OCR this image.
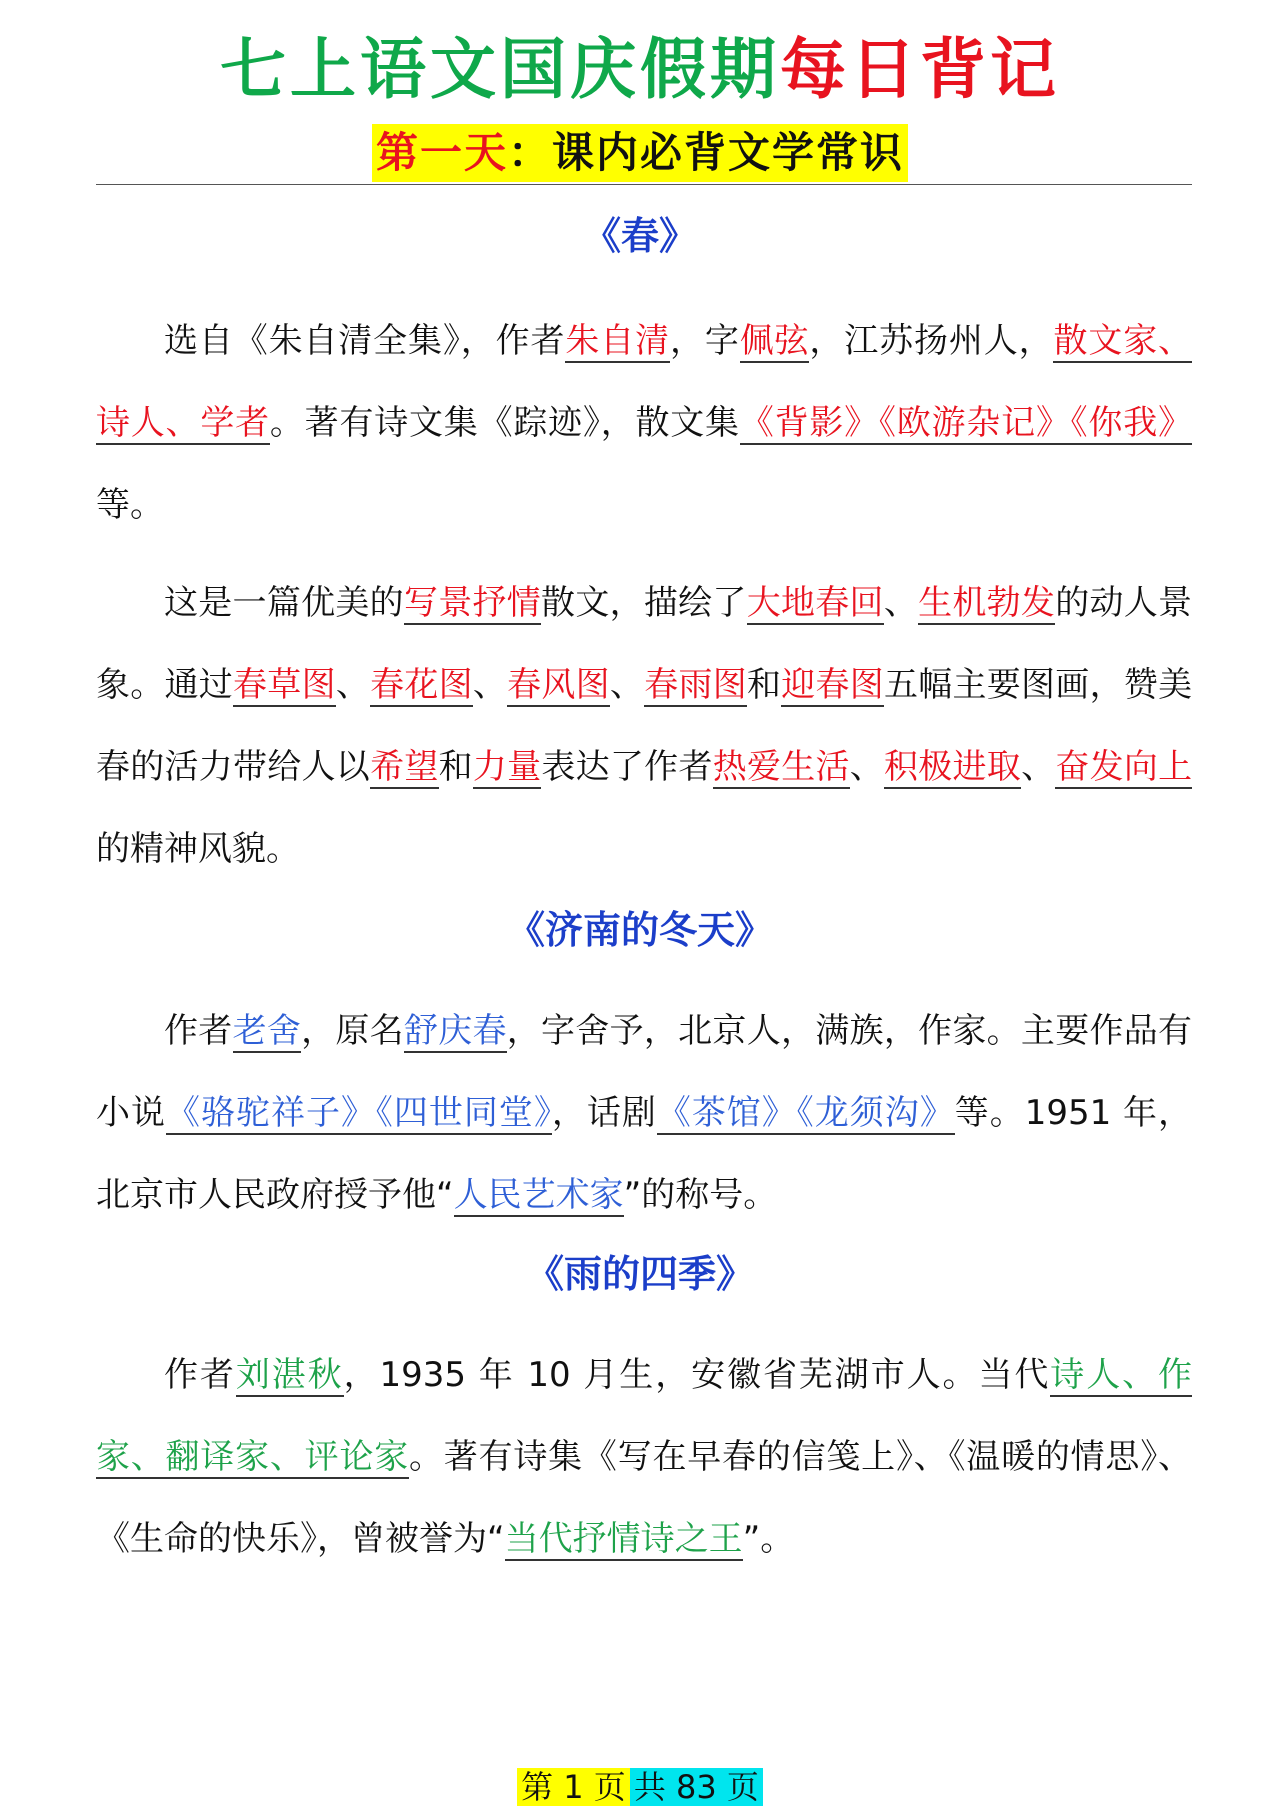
七上语文国庆假期每日背记
第一天：课内必背文学常识
《春》

选自《朱自清全集》，作者朱自清，字佩弦，江苏扬州人，散文家、诗人、学者。著有诗文集《踪迹》，散文集《背影》《欧游杂记》《你我》等。

这是一篇优美的写景抒情散文，描绘了大地春回、生机勃发的动人景象。通过春草图、春花图、春风图、春雨图和迎春图五幅主要图画，赞美春的活力带给人以希望和力量表达了作者热爱生活、积极进取、奋发向上的精神风貌。

《济南的冬天》

作者老舍，原名舒庆春，字舍予，北京人，满族，作家。主要作品有小说《骆驼祥子》《四世同堂》，话剧《茶馆》《龙须沟》等。1951 年，北京市人民政府授予他“人民艺术家”的称号。

《雨的四季》

作者刘湛秋，1935 年 10 月生，安徽省芜湖市人。当代诗人、作家、翻译家、评论家。著有诗集《写在早春的信笺上》、《温暖的情思》、《生命的快乐》，曾被誉为“当代抒情诗之王”。

第 1 页 共 83 页
